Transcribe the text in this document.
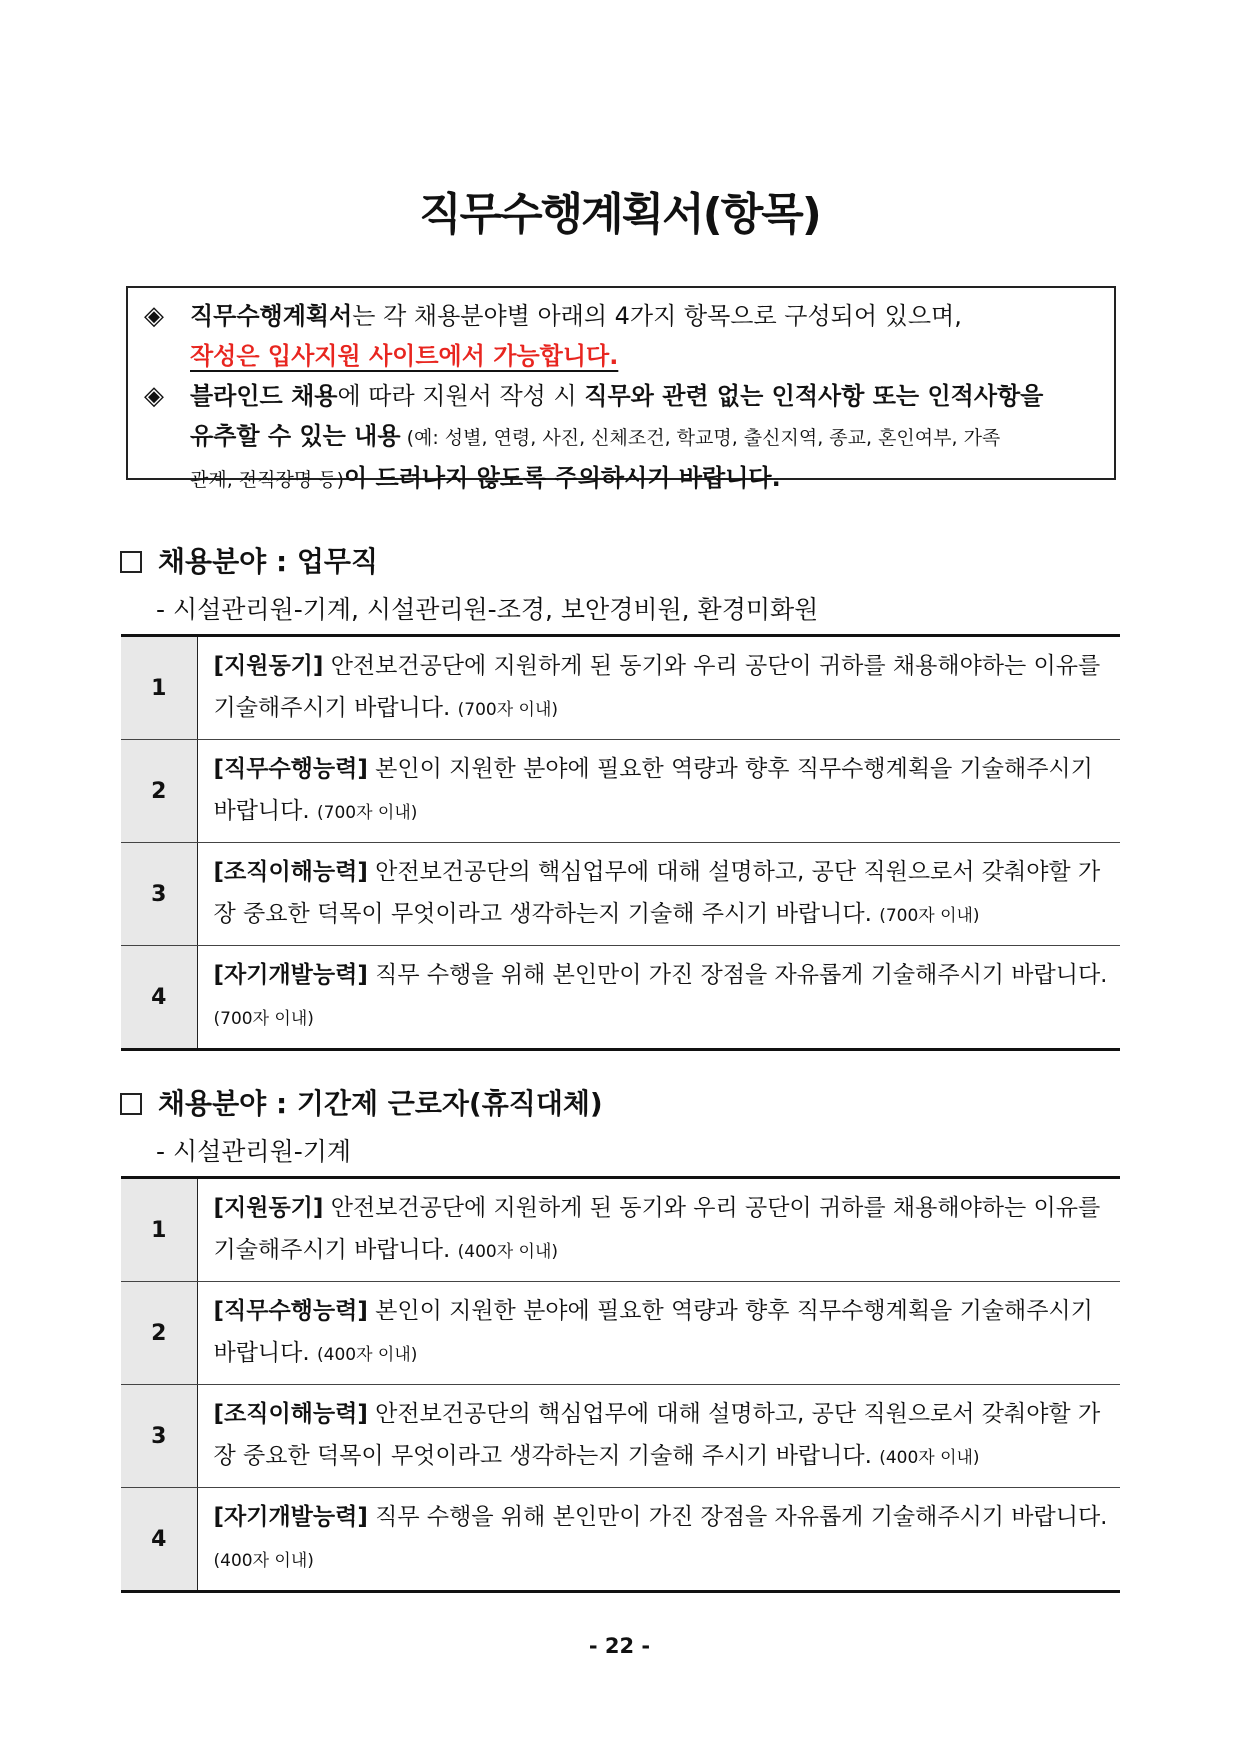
직무수행계획서(항목)
◈ 직무수행계획서는 각 채용분야별 아래의 4가지 항목으로 구성되어 있으며,
작성은 입사지원 사이트에서 가능합니다.
◈ 블라인드 채용에 따라 지원서 작성 시 직무와 관련 없는 인적사항 또는 인적사항을
유추할 수 있는 내용 (예: 성별, 연령, 사진, 신체조건, 학교명, 출신지역, 종교, 혼인여부, 가족
관계, 전직장명 등)이 드러나지 않도록 주의하시기 바랍니다.
채용분야 : 업무직
- 시설관리원-기계, 시설관리원-조경, 보안경비원, 환경미화원
1	[지원동기] 안전보건공단에 지원하게 된 동기와 우리 공단이 귀하를 채용해야하는 이유를 기술해주시기 바랍니다. (700자 이내)
2	[직무수행능력] 본인이 지원한 분야에 필요한 역량과 향후 직무수행계획을 기술해주시기 바랍니다. (700자 이내)
3	[조직이해능력] 안전보건공단의 핵심업무에 대해 설명하고, 공단 직원으로서 갖춰야할 가장 중요한 덕목이 무엇이라고 생각하는지 기술해 주시기 바랍니다. (700자 이내)
4	[자기개발능력] 직무 수행을 위해 본인만이 가진 장점을 자유롭게 기술해주시기 바랍니다. (700자 이내)
채용분야 : 기간제 근로자(휴직대체)
- 시설관리원-기계
1	[지원동기] 안전보건공단에 지원하게 된 동기와 우리 공단이 귀하를 채용해야하는 이유를 기술해주시기 바랍니다. (400자 이내)
2	[직무수행능력] 본인이 지원한 분야에 필요한 역량과 향후 직무수행계획을 기술해주시기 바랍니다. (400자 이내)
3	[조직이해능력] 안전보건공단의 핵심업무에 대해 설명하고, 공단 직원으로서 갖춰야할 가장 중요한 덕목이 무엇이라고 생각하는지 기술해 주시기 바랍니다. (400자 이내)
4	[자기개발능력] 직무 수행을 위해 본인만이 가진 장점을 자유롭게 기술해주시기 바랍니다. (400자 이내)
- 22 -
